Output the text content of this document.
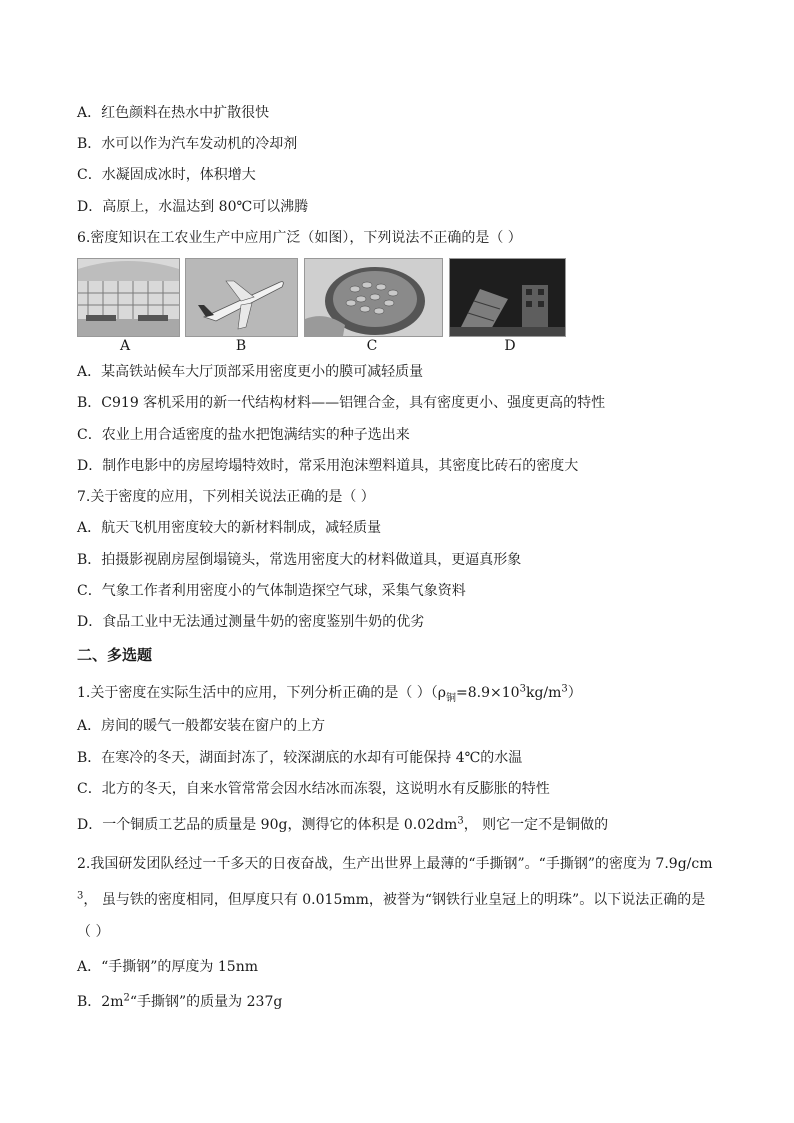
A．红色颜料在热水中扩散很快
B．水可以作为汽车发动机的冷却剂
C．水凝固成冰时，体积增大
D．高原上，水温达到 80℃可以沸腾
6.密度知识在工农业生产中应用广泛（如图），下列说法不正确的是（ ）
A	B	C	D
A．某高铁站候车大厅顶部采用密度更小的膜可减轻质量
B．C919 客机采用的新一代结构材料——铝锂合金，具有密度更小、强度更高的特性
C．农业上用合适密度的盐水把饱满结实的种子选出来
D．制作电影中的房屋垮塌特效时，常采用泡沫塑料道具，其密度比砖石的密度大
7.关于密度的应用，下列相关说法正确的是（ ）
A．航天飞机用密度较大的新材料制成，减轻质量
B．拍摄影视剧房屋倒塌镜头，常选用密度大的材料做道具，更逼真形象
C．气象工作者利用密度小的气体制造探空气球，采集气象资料
D．食品工业中无法通过测量牛奶的密度鉴别牛奶的优劣
二、多选题
1.关于密度在实际生活中的应用，下列分析正确的是（ ）$(\rho_铜=8.9\times 10^3kg/m^3)$
A．房间的暖气一般都安装在窗户的上方
B．在寒冷的冬天，湖面封冻了，较深湖底的水却有可能保持 4℃的水温
C．北方的冬天，自来水管常常会因水结冰而冻裂，这说明水有反膨胀的特性
D．一个铜质工艺品的质量是 90g，测得它的体积是 $0.02dm^3$， 则它一定不是铜做的
2.我国研发团队经过一千多天的日夜奋战，生产出世界上最薄的“手撕钢”。“手撕钢”的密度为 7.9g/cm
$^3$， 虽与铁的密度相同，但厚度只有 0.015mm，被誉为“钢铁行业皇冠上的明珠”。以下说法正确的是
（ ）
A．“手撕钢”的厚度为 15nm
B．$2m^2“$手撕钢”的质量为 237g
